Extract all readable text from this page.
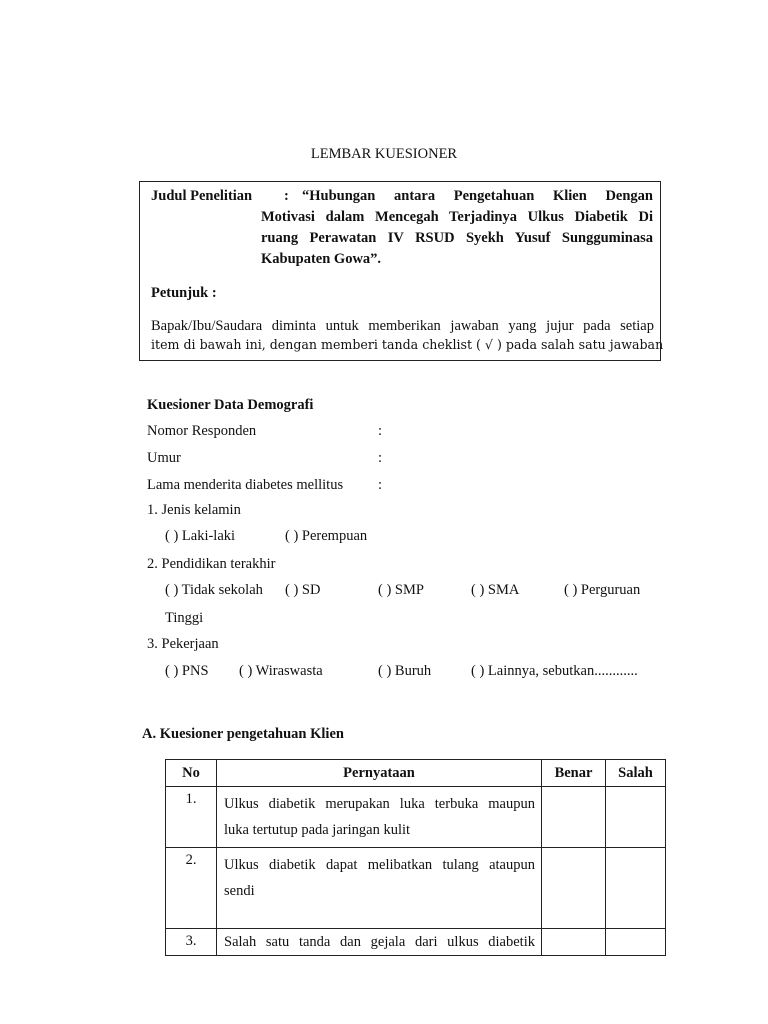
LEMBAR KUESIONER
Judul Penelitian : “Hubungan antara Pengetahuan Klien Dengan
Motivasi dalam Mencegah Terjadinya Ulkus Diabetik Di
ruang Perawatan IV RSUD Syekh Yusuf Sungguminasa
Kabupaten Gowa”.
Petunjuk :
Bapak/Ibu/Saudara diminta untuk memberikan jawaban yang jujur pada setiap
item di bawah ini, dengan memberi tanda cheklist ( √ ) pada salah satu jawaban
Kuesioner Data Demografi
Nomor Responden	:
Umur	:
Lama menderita diabetes mellitus :
1. Jenis kelamin
( ) Laki-laki	( ) Perempuan
2. Pendidikan terakhir
( ) Tidak sekolah ( ) SD	( ) SMP	( ) SMA	( ) Perguruan
Tinggi
3. Pekerjaan
( ) PNS ( ) Wiraswasta	( ) Buruh	( ) Lainnya, sebutkan............
A. Kuesioner pengetahuan Klien
No	Pernyataan	Benar	Salah
1.	Ulkus diabetik merupakan luka terbuka maupun
luka tertutup pada jaringan kulit		

2.	Ulkus diabetik dapat melibatkan tulang ataupun
sendi		

3.	Salah satu tanda dan gejala dari ulkus diabetik		
